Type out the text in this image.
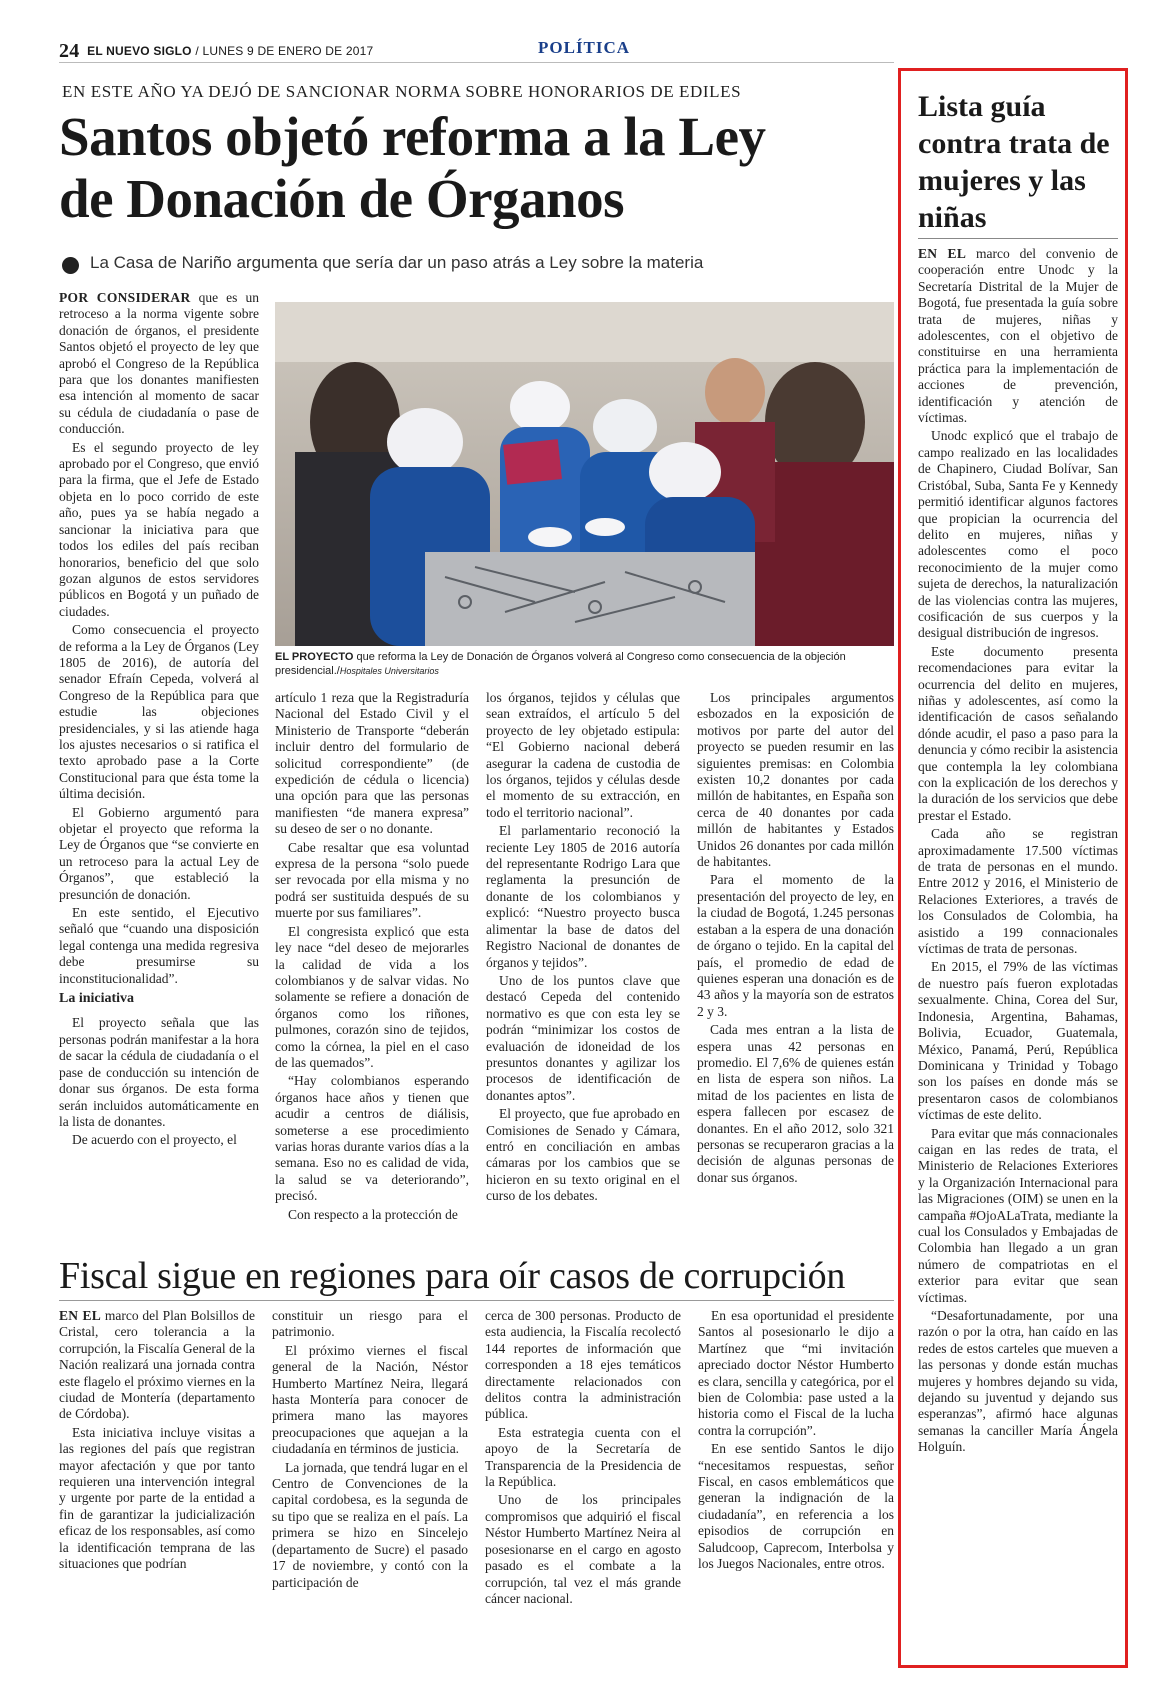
24 EL NUEVO SIGLO / LUNES 9 DE ENERO DE 2017	POLÍTICA
EN ESTE AÑO YA DEJÓ DE SANCIONAR NORMA SOBRE HONORARIOS DE EDILES
Santos objetó reforma a la Ley
de Donación de Órganos
La Casa de Nariño argumenta que sería dar un paso atrás a Ley sobre la materia

POR CONSIDERAR que es un retroceso a la norma vigente sobre donación de órganos, el presidente Santos objetó el proyecto de ley que aprobó el Congreso de la República para que los donantes manifiesten esa intención al momento de sacar su cédula de ciudadanía o pase de conducción.

Es el segundo proyecto de ley aprobado por el Congreso, que envió para la firma, que el Jefe de Estado objeta en lo poco corrido de este año, pues ya se había negado a sancionar la iniciativa para que todos los ediles del país reciban honorarios, beneficio del que solo gozan algunos de estos servidores públicos en Bogotá y un puñado de ciudades.

Como consecuencia el proyecto de reforma a la Ley de Órganos (Ley 1805 de 2016), de autoría del senador Efraín Cepeda, volverá al Congreso de la República para que estudie las objeciones presidenciales, y si las atiende haga los ajustes necesarios o si ratifica el texto aprobado pase a la Corte Constitucional para que ésta tome la última decisión.

El Gobierno argumentó para objetar el proyecto que reforma la Ley de Órganos que “se convierte en un retroceso para la actual Ley de Órganos”, que estableció la presunción de donación.

En este sentido, el Ejecutivo señaló que “cuando una disposición legal contenga una medida regresiva debe presumirse su inconstitucionalidad”.

La iniciativa

El proyecto señala que las personas podrán manifestar a la hora de sacar la cédula de ciudadanía o el pase de conducción su intención de donar sus órganos. De esta forma serán incluidos automáticamente en la lista de donantes.

De acuerdo con el proyecto, el

EL PROYECTO que reforma la Ley de Donación de Órganos volverá al Congreso como consecuencia de la objeción presidencial./Hospitales Universitarios

artículo 1 reza que la Registraduría Nacional del Estado Civil y el Ministerio de Transporte “deberán incluir dentro del formulario de solicitud correspondiente” (de expedición de cédula o licencia) una opción para que las personas manifiesten “de manera expresa” su deseo de ser o no donante.

Cabe resaltar que esa voluntad expresa de la persona “solo puede ser revocada por ella misma y no podrá ser sustituida después de su muerte por sus familiares”.

El congresista explicó que esta ley nace “del deseo de mejorarles la calidad de vida a los colombianos y de salvar vidas. No solamente se refiere a donación de órganos como los riñones, pulmones, corazón sino de tejidos, como la córnea, la piel en el caso de las quemados”.

“Hay colombianos esperando órganos hace años y tienen que acudir a centros de diálisis, someterse a ese procedimiento varias horas durante varios días a la semana. Eso no es calidad de vida, la salud se va deteriorando”, precisó.

Con respecto a la protección de

los órganos, tejidos y células que sean extraídos, el artículo 5 del proyecto de ley objetado estipula: “El Gobierno nacional deberá asegurar la cadena de custodia de los órganos, tejidos y células desde el momento de su extracción, en todo el territorio nacional”.

El parlamentario reconoció la reciente Ley 1805 de 2016 autoría del representante Rodrigo Lara que reglamenta la presunción de donante de los colombianos y explicó: “Nuestro proyecto busca alimentar la base de datos del Registro Nacional de donantes de órganos y tejidos”.

Uno de los puntos clave que destacó Cepeda del contenido normativo es que con esta ley se podrán “minimizar los costos de evaluación de idoneidad de los presuntos donantes y agilizar los procesos de identificación de donantes aptos”.

El proyecto, que fue aprobado en Comisiones de Senado y Cámara, entró en conciliación en ambas cámaras por los cambios que se hicieron en su texto original en el curso de los debates.

Los principales argumentos esbozados en la exposición de motivos por parte del autor del proyecto se pueden resumir en las siguientes premisas: en Colombia existen 10,2 donantes por cada millón de habitantes, en España son cerca de 40 donantes por cada millón de habitantes y Estados Unidos 26 donantes por cada millón de habitantes.

Para el momento de la presentación del proyecto de ley, en la ciudad de Bogotá, 1.245 personas estaban a la espera de una donación de órgano o tejido. En la capital del país, el promedio de edad de quienes esperan una donación es de 43 años y la mayoría son de estratos 2 y 3.

Cada mes entran a la lista de espera unas 42 personas en promedio. El 7,6% de quienes están en lista de espera son niños. La mitad de los pacientes en lista de espera fallecen por escasez de donantes. En el año 2012, solo 321 personas se recuperaron gracias a la decisión de algunas personas de donar sus órganos.

Fiscal sigue en regiones para oír casos de corrupción

EN EL marco del Plan Bolsillos de Cristal, cero tolerancia a la corrupción, la Fiscalía General de la Nación realizará una jornada contra este flagelo el próximo viernes en la ciudad de Montería (departamento de Córdoba).

Esta iniciativa incluye visitas a las regiones del país que registran mayor afectación y que por tanto requieren una intervención integral y urgente por parte de la entidad a fin de garantizar la judicialización eficaz de los responsables, así como la identificación temprana de las situaciones que podrían

constituir un riesgo para el patrimonio.

El próximo viernes el fiscal general de la Nación, Néstor Humberto Martínez Neira, llegará hasta Montería para conocer de primera mano las mayores preocupaciones que aquejan a la ciudadanía en términos de justicia.

La jornada, que tendrá lugar en el Centro de Convenciones de la capital cordobesa, es la segunda de su tipo que se realiza en el país. La primera se hizo en Sincelejo (departamento de Sucre) el pasado 17 de noviembre, y contó con la participación de

cerca de 300 personas. Producto de esta audiencia, la Fiscalía recolectó 144 reportes de información que corresponden a 18 ejes temáticos directamente relacionados con delitos contra la administración pública.

Esta estrategia cuenta con el apoyo de la Secretaría de Transparencia de la Presidencia de la República.

Uno de los principales compromisos que adquirió el fiscal Néstor Humberto Martínez Neira al posesionarse en el cargo en agosto pasado es el combate a la corrupción, tal vez el más grande cáncer nacional.

En esa oportunidad el presidente Santos al posesionarlo le dijo a Martínez que “mi invitación apreciado doctor Néstor Humberto es clara, sencilla y categórica, por el bien de Colombia: pase usted a la historia como el Fiscal de la lucha contra la corrupción”.

En ese sentido Santos le dijo “necesitamos respuestas, señor Fiscal, en casos emblemáticos que generan la indignación de la ciudadanía”, en referencia a los episodios de corrupción en Saludcoop, Caprecom, Interbolsa y los Juegos Nacionales, entre otros.

Lista guía contra trata de mujeres y las niñas

EN EL marco del convenio de cooperación entre Unodc y la Secretaría Distrital de la Mujer de Bogotá, fue presentada la guía sobre trata de mujeres, niñas y adolescentes, con el objetivo de constituirse en una herramienta práctica para la implementación de acciones de prevención, identificación y atención de víctimas.

Unodc explicó que el trabajo de campo realizado en las localidades de Chapinero, Ciudad Bolívar, San Cristóbal, Suba, Santa Fe y Kennedy permitió identificar algunos factores que propician la ocurrencia del delito en mujeres, niñas y adolescentes como el poco reconocimiento de la mujer como sujeta de derechos, la naturalización de las violencias contra las mujeres, cosificación de sus cuerpos y la desigual distribución de ingresos.

Este documento presenta recomendaciones para evitar la ocurrencia del delito en mujeres, niñas y adolescentes, así como la identificación de casos señalando dónde acudir, el paso a paso para la denuncia y cómo recibir la asistencia que contempla la ley colombiana con la explicación de los derechos y la duración de los servicios que debe prestar el Estado.

Cada año se registran aproximadamente 17.500 víctimas de trata de personas en el mundo. Entre 2012 y 2016, el Ministerio de Relaciones Exteriores, a través de los Consulados de Colombia, ha asistido a 199 connacionales víctimas de trata de personas.

En 2015, el 79% de las víctimas de nuestro país fueron explotadas sexualmente. China, Corea del Sur, Indonesia, Argentina, Bahamas, Bolivia, Ecuador, Guatemala, México, Panamá, Perú, República Dominicana y Trinidad y Tobago son los países en donde más se presentaron casos de colombianos víctimas de este delito.

Para evitar que más connacionales caigan en las redes de trata, el Ministerio de Relaciones Exteriores y la Organización Internacional para las Migraciones (OIM) se unen en la campaña #OjoALaTrata, mediante la cual los Consulados y Embajadas de Colombia han llegado a un gran número de compatriotas en el exterior para evitar que sean víctimas.

“Desafortunadamente, por una razón o por la otra, han caído en las redes de estos carteles que mueven a las personas y donde están muchas mujeres y hombres dejando su vida, dejando su juventud y dejando sus esperanzas”, afirmó hace algunas semanas la canciller María Ángela Holguín.
